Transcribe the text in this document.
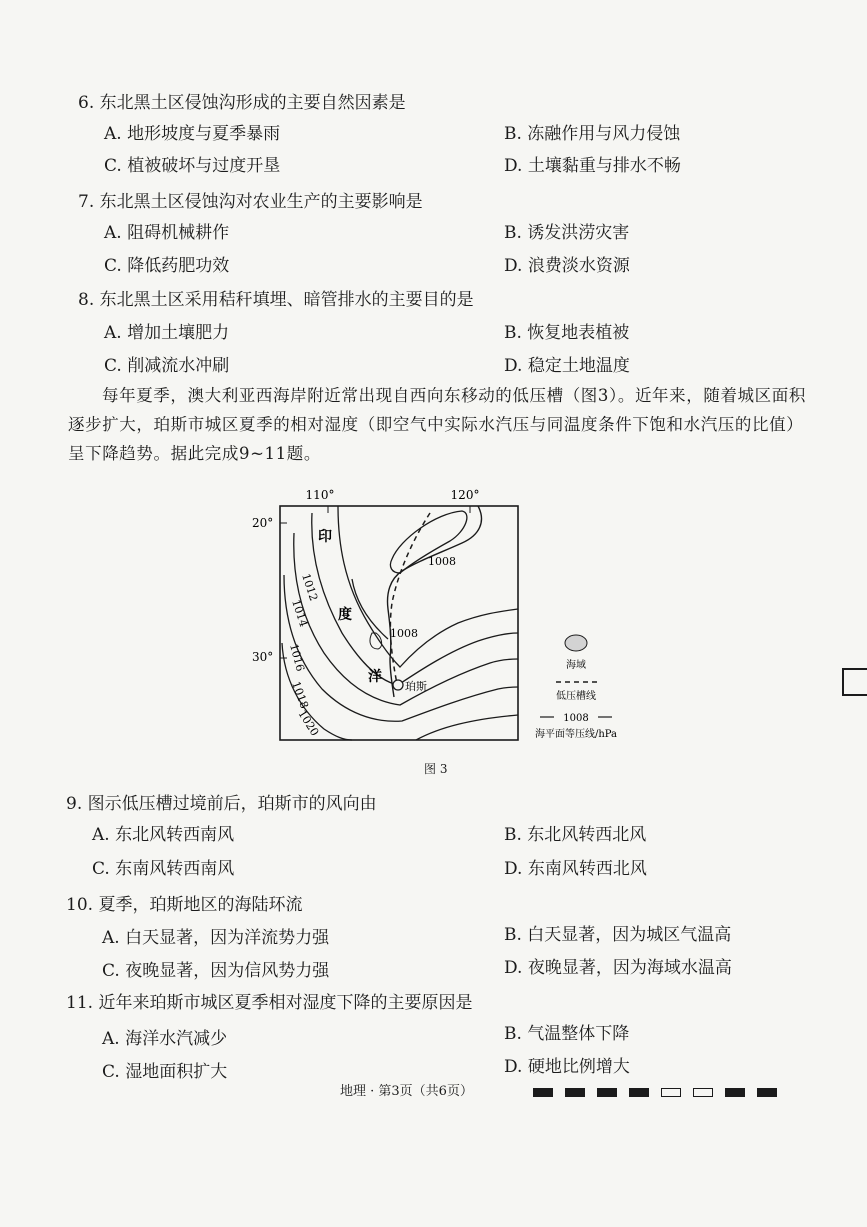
6. 东北黑土区侵蚀沟形成的主要自然因素是
A. 地形坡度与夏季暴雨	B. 冻融作用与风力侵蚀
C. 植被破坏与过度开垦	D. 土壤黏重与排水不畅
7. 东北黑土区侵蚀沟对农业生产的主要影响是
A. 阻碍机械耕作	B. 诱发洪涝灾害
C. 降低药肥功效	D. 浪费淡水资源
8. 东北黑土区采用秸秆填埋、暗管排水的主要目的是
A. 增加土壤肥力	B. 恢复地表植被
C. 削减流水冲刷	D. 稳定土地温度
每年夏季，澳大利亚西海岸附近常出现自西向东移动的低压槽（图3）。近年来，随着城区面积逐步扩大，珀斯市城区夏季的相对湿度（即空气中实际水汽压与同温度条件下饱和水汽压的比值）呈下降趋势。据此完成9~11题。
110°	120°
20°
30°
1008
1008
1012
1014
1016
1018
1020
印
度
洋
珀斯
海域
低压槽线
1008
海平面等压线/hPa
图 3
9. 图示低压槽过境前后，珀斯市的风向由
A. 东北风转西南风	B. 东北风转西北风
C. 东南风转西南风	D. 东南风转西北风
10. 夏季，珀斯地区的海陆环流
A. 白天显著，因为洋流势力强	B. 白天显著，因为城区气温高
C. 夜晚显著，因为信风势力强	D. 夜晚显著，因为海域水温高
11. 近年来珀斯市城区夏季相对湿度下降的主要原因是
A. 海洋水汽减少	B. 气温整体下降
C. 湿地面积扩大	D. 硬地比例增大
地理 · 第3页（共6页）
